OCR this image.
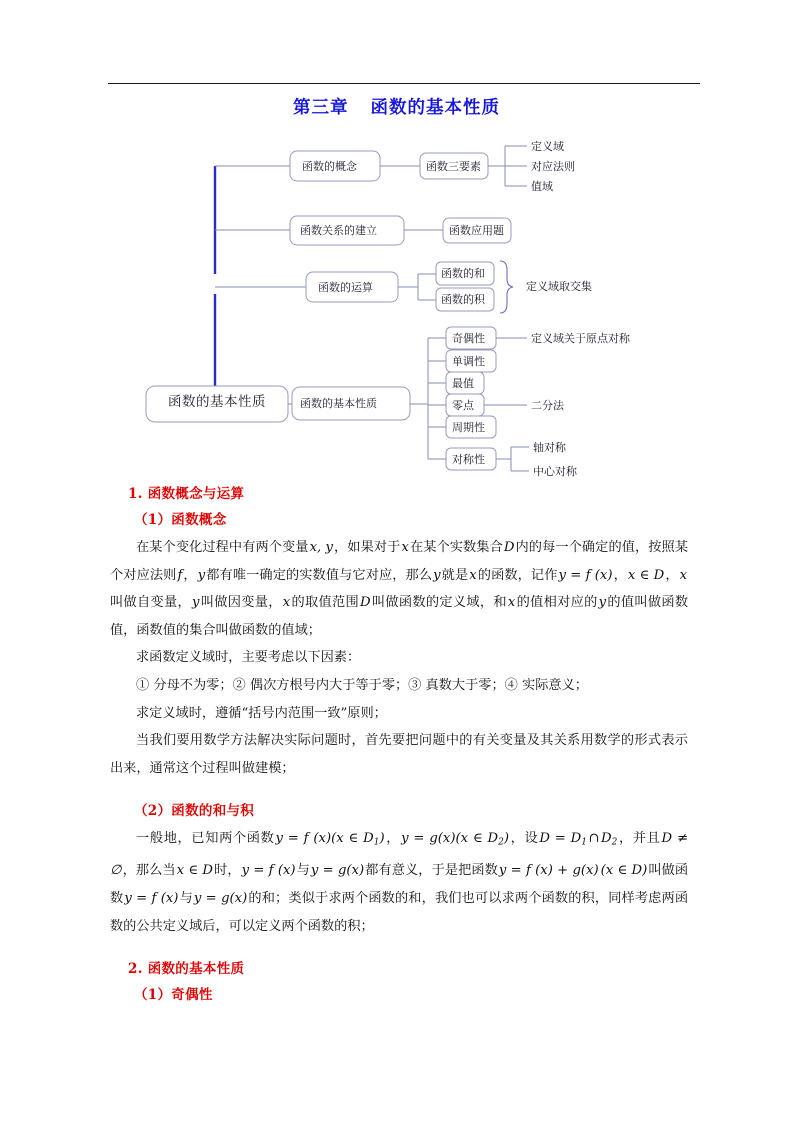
第三章 函数的基本性质
函数的基本性质
函数的概念	函数三要素
定义域
对应法则
值域
函数关系的建立	函数应用题
函数的运算
函数的和
函数的积
定义域取交集
函数的基本性质
奇偶性
单调性
最值
零点
周期性
对称性
定义域关于原点对称
二分法
轴对称
中心对称
1. 函数概念与运算
（1）函数概念

在某个变化过程中有两个变量x, y，如果对于x在某个实数集合D内的每一个确定的值，按照某个对应法则f，y都有唯一确定的实数值与它对应，那么y就是x的函数，记作y = f (x)，x ∈ D，x叫做自变量，y叫做因变量，x的取值范围D叫做函数的定义域，和x的值相对应的y的值叫做函数值，函数值的集合叫做函数的值域；

求函数定义域时，主要考虑以下因素：

① 分母不为零；② 偶次方根号内大于等于零；③ 真数大于零；④ 实际意义；

求定义域时，遵循“括号内范围一致”原则；

当我们要用数学方法解决实际问题时，首先要把问题中的有关变量及其关系用数学的形式表示出来，通常这个过程叫做建模；

（2）函数的和与积

一般地，已知两个函数y = f (x)(x ∈ $D_1$)，y = g(x)(x ∈ $D_2$)，设$D = D_1$ ∩ $D_2$，并且D ≠ ∅，那么当x ∈ D时，y = f (x)与y = g(x)都有意义，于是把函数y = f (x) + g(x) (x ∈ D)叫做函数y = f (x)与y = g(x)的和；类似于求两个函数的和，我们也可以求两个函数的积，同样考虑两函数的公共定义域后，可以定义两个函数的积；

2. 函数的基本性质
（1）奇偶性
